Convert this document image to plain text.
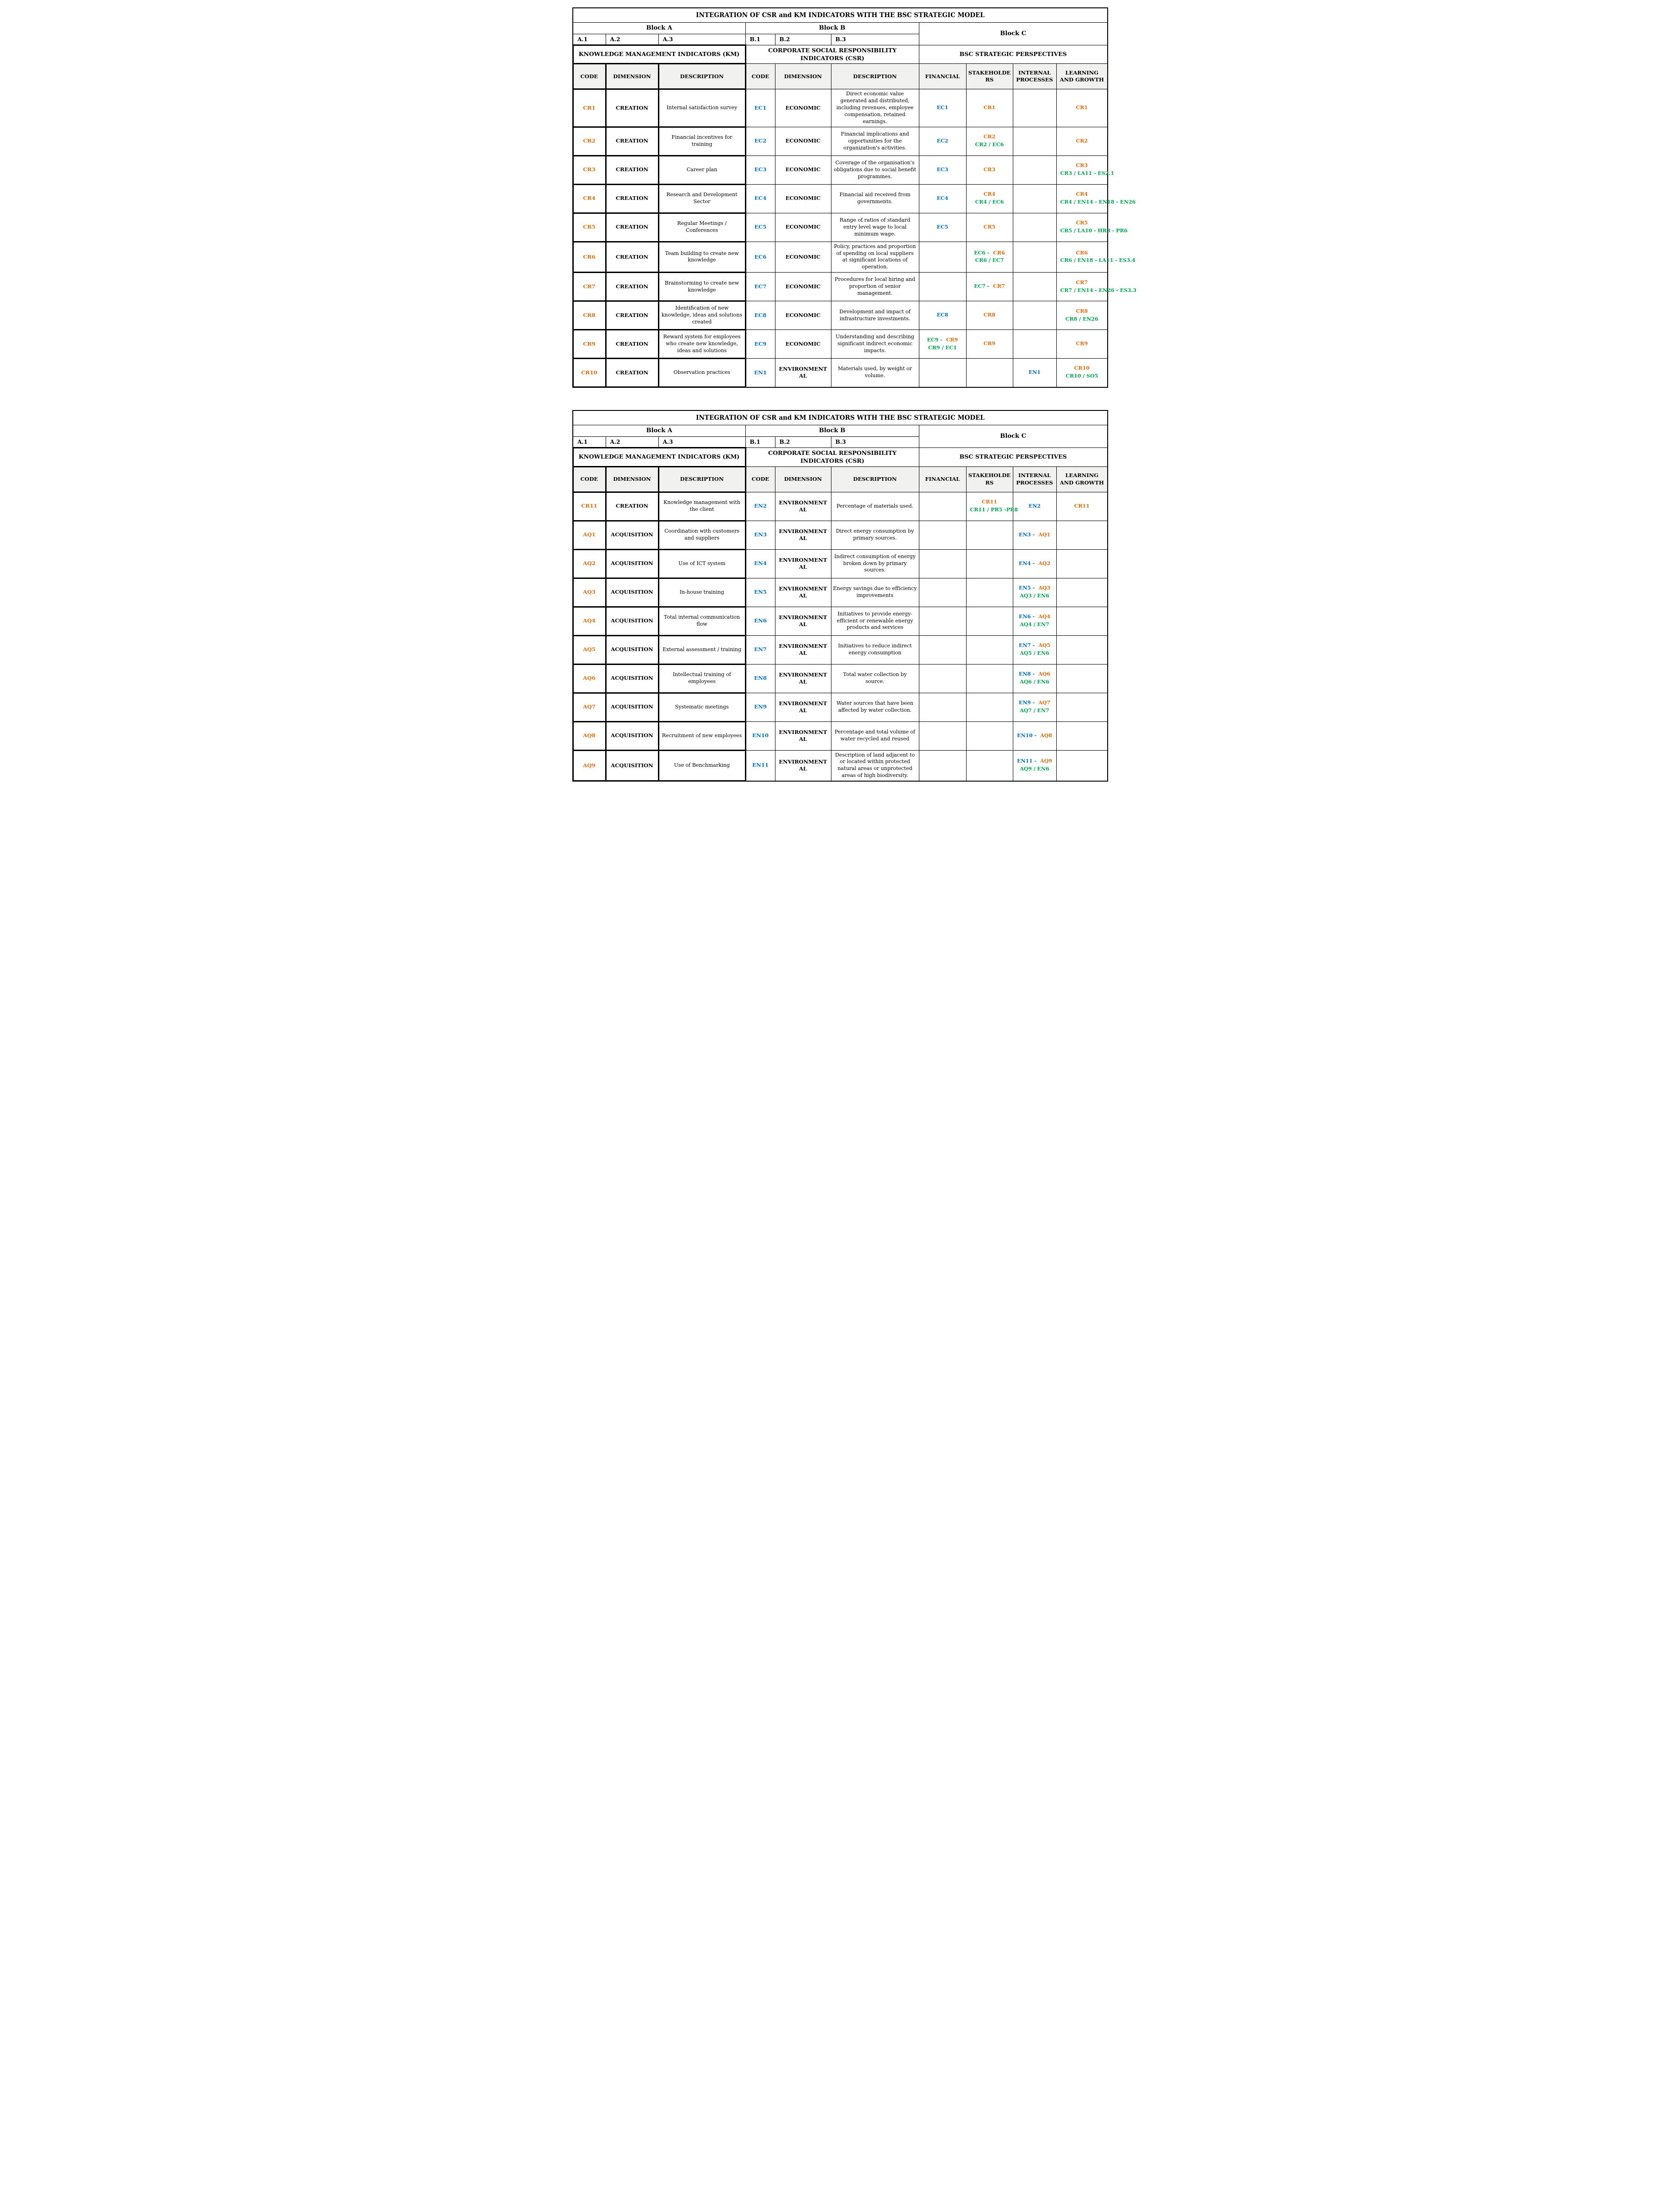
INTEGRATION OF CSR and KM INDICATORS WITH THE BSC STRATEGIC MODEL									
Block A			Block B			Block C			
A.1	A.2	A.3	B.1	B.2	B.3				
KNOWLEDGE MANAGEMENT INDICATORS (KM)			CORPORATE SOCIAL RESPONSIBILITY INDICATORS (CSR)			BSC STRATEGIC PERSPECTIVES			
CODE	DIMENSION	DESCRIPTION	CODE	DIMENSION	DESCRIPTION	FINANCIAL	STAKEHOLDERS	INTERNAL PROCESSES	LEARNING AND GROWTH
CR1	CREATION	Internal satisfaction survey	EC1	ECONOMIC	Direct economic value generated and distributed, including revenues, employee compensation, retained earnings.	EC1	CR1		CR1
CR2	CREATION	Financial incentives for training	EC2	ECONOMIC	Financial implications and opportunities for the organization's activities.	EC2	CR2CR2 / EC6		CR2
CR3	CREATION	Career plan	EC3	ECONOMIC	Coverage of the organisation's obligations due to social benefit programmes.	EC3	CR3		CR3CR3 / LA11 - ES2.1
CR4	CREATION	Research and Development Sector	EC4	ECONOMIC	Financial aid received from governments.	EC4	CR4CR4 / EC6		CR4CR4 / EN14 - EN18 - EN26
CR5	CREATION	Regular Meetings / Conferences	EC5	ECONOMIC	Range of ratios of standard entry level wage to local minimum wage.	EC5	CR5		CR5CR5 / LA10 - HR3 - PR6
CR6	CREATION	Team building to create new knowledge	EC6	ECONOMIC	Policy, practices and proportion of spending on local suppliers at significant locations of operation.		EC6 - CR6CR6 / EC7		CR6CR6 / EN18 - LA11 - ES3.4
CR7	CREATION	Brainstorming to create new knowledge	EC7	ECONOMIC	Procedures for local hiring and proportion of senior management.		EC7 - CR7		CR7CR7 / EN14 - EN26 - ES3.3
CR8	CREATION	Identification of new knowledge, ideas and solutions created	EC8	ECONOMIC	Development and impact of infrastructure investments.	EC8	CR8		CR8CR8 / EN26
CR9	CREATION	Reward system for employees who create new knowledge, ideas and solutions	EC9	ECONOMIC	Understanding and describing significant indirect economic impacts.	EC9 - CR9CR9 / EC1	CR9		CR9
CR10	CREATION	Observation practices	EN1	ENVIRONMENTAL	Materials used, by weight or volume.			EN1	CR10CR10 / SO5
INTEGRATION OF CSR and KM INDICATORS WITH THE BSC STRATEGIC MODEL									
Block A			Block B			Block C			
A.1	A.2	A.3	B.1	B.2	B.3				
KNOWLEDGE MANAGEMENT INDICATORS (KM)			CORPORATE SOCIAL RESPONSIBILITY INDICATORS (CSR)			BSC STRATEGIC PERSPECTIVES			
CODE	DIMENSION	DESCRIPTION	CODE	DIMENSION	DESCRIPTION	FINANCIAL	STAKEHOLDERS	INTERNAL PROCESSES	LEARNING AND GROWTH
CR11	CREATION	Knowledge management with the client	EN2	ENVIRONMENTAL	Percentage of materials used.		CR11CR11 / PR5 -PR8	EN2	CR11
AQ1	ACQUISITION	Coordination with customers and suppliers	EN3	ENVIRONMENTAL	Direct energy consumption by primary sources.			EN3 - AQ1	
AQ2	ACQUISITION	Use of ICT system	EN4	ENVIRONMENTAL	Indirect consumption of energy broken down by primary sources.			EN4 - AQ2	
AQ3	ACQUISITION	In-house training	EN5	ENVIRONMENTAL	Energy savings due to efficiency improvements			EN5 - AQ3AQ3 / EN6	
AQ4	ACQUISITION	Total internal communication flow	EN6	ENVIRONMENTAL	Initiatives to provide energy-efficient or renewable energy products and services			EN6 - AQ4AQ4 / EN7	
AQ5	ACQUISITION	External assessment / training	EN7	ENVIRONMENTAL	Initiatives to reduce indirect energy consumption			EN7 - AQ5AQ5 / EN6	
AQ6	ACQUISITION	Intellectual training of employees	EN8	ENVIRONMENTAL	Total water collection by source.			EN8 - AQ6AQ6 / EN6	
AQ7	ACQUISITION	Systematic meetings	EN9	ENVIRONMENTAL	Water sources that have been affected by water collection.			EN9 - AQ7AQ7 / EN7	
AQ8	ACQUISITION	Recruitment of new employees	EN10	ENVIRONMENTAL	Percentage and total volume of water recycled and reused			EN10 - AQ8	
AQ9	ACQUISITION	Use of Benchmarking	EN11	ENVIRONMENTAL	Description of land adjacent to or located within protected natural areas or unprotected areas of high biodiversity.			EN11 - AQ9AQ9 / EN6	
